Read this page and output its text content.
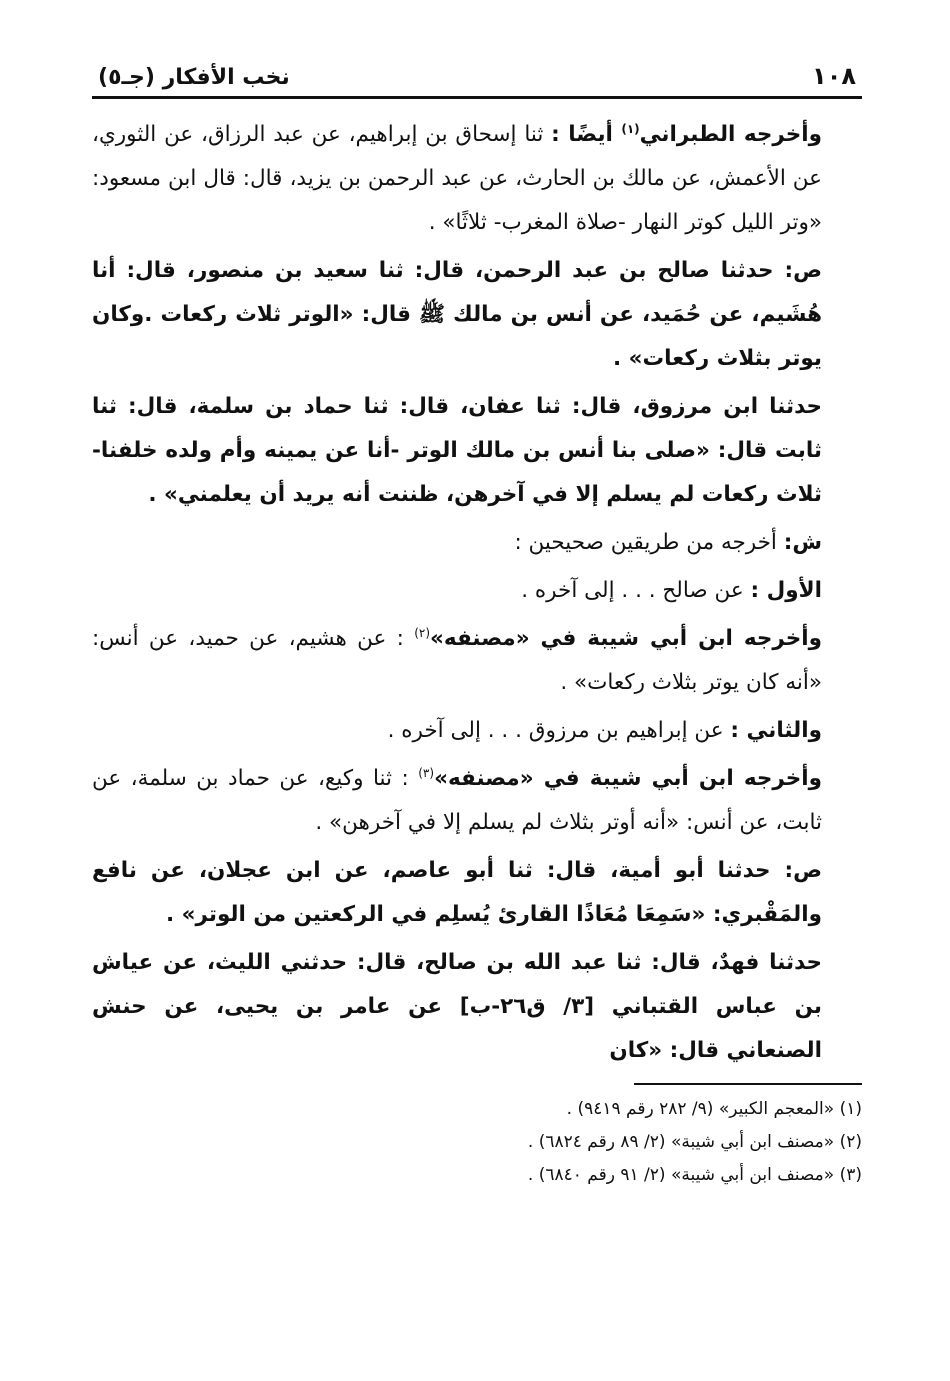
١٠٨
نخب الأفكار (جـ٥)

وأخرجه الطبراني$^{(١)}$ أيضًا : ثنا إسحاق بن إبراهيم، عن عبد الرزاق، عن الثوري، عن الأعمش، عن مالك بن الحارث، عن عبد الرحمن بن يزيد، قال: قال ابن مسعود: «وتر الليل كوتر النهار -صلاة المغرب- ثلاثًا» .

ص: حدثنا صالح بن عبد الرحمن، قال: ثنا سعيد بن منصور، قال: أنا هُشَيم، عن حُمَيد، عن أنس بن مالك ﷺ قال: «الوتر ثلاث ركعات .وكان يوتر بثلاث ركعات» .

حدثنا ابن مرزوق، قال: ثنا عفان، قال: ثنا حماد بن سلمة، قال: ثنا ثابت قال: «صلى بنا أنس بن مالك الوتر -أنا عن يمينه وأم ولده خلفنا- ثلاث ركعات لم يسلم إلا في آخرهن، ظننت أنه يريد أن يعلمني» .

ش: أخرجه من طريقين صحيحين :

الأول : عن صالح . . . إلى آخره .

وأخرجه ابن أبي شيبة في «مصنفه»$^{(٢)}$ : عن هشيم، عن حميد، عن أنس: «أنه كان يوتر بثلاث ركعات» .

والثاني : عن إبراهيم بن مرزوق . . . إلى آخره .

وأخرجه ابن أبي شيبة في «مصنفه»$^{(٣)}$ : ثنا وكيع، عن حماد بن سلمة، عن ثابت، عن أنس: «أنه أوتر بثلاث لم يسلم إلا في آخرهن» .

ص: حدثنا أبو أمية، قال: ثنا أبو عاصم، عن ابن عجلان، عن نافع والمَقْبري: «سَمِعَا مُعَاذًا القارئ يُسلِم في الركعتين من الوتر» .

حدثنا فهدٌ، قال: ثنا عبد الله بن صالح، قال: حدثني الليث، عن عياش بن عباس القتباني [٣/ ق٢٦-ب] عن عامر بن يحيى، عن حنش الصنعاني قال: «كان

(١) «المعجم الكبير» (٩/ ٢٨٢ رقم ٩٤١٩) .

(٢) «مصنف ابن أبي شيبة» (٢/ ٨٩ رقم ٦٨٢٤) .

(٣) «مصنف ابن أبي شيبة» (٢/ ٩١ رقم ٦٨٤٠) .
